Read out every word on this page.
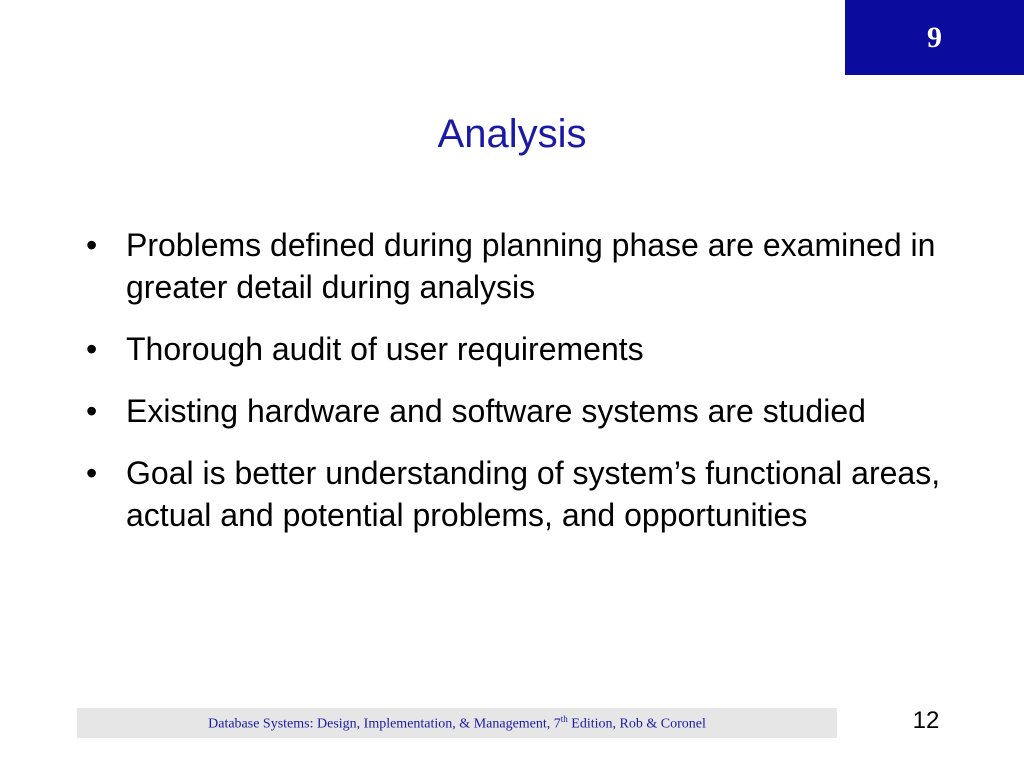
9
Analysis
• Problems defined during planning phase are examined in greater detail during analysis
• Thorough audit of user requirements
• Existing hardware and software systems are studied
• Goal is better understanding of system’s functional areas, actual and potential problems, and opportunities
Database Systems: Design, Implementation, & Management, 7th Edition, Rob & Coronel	12
